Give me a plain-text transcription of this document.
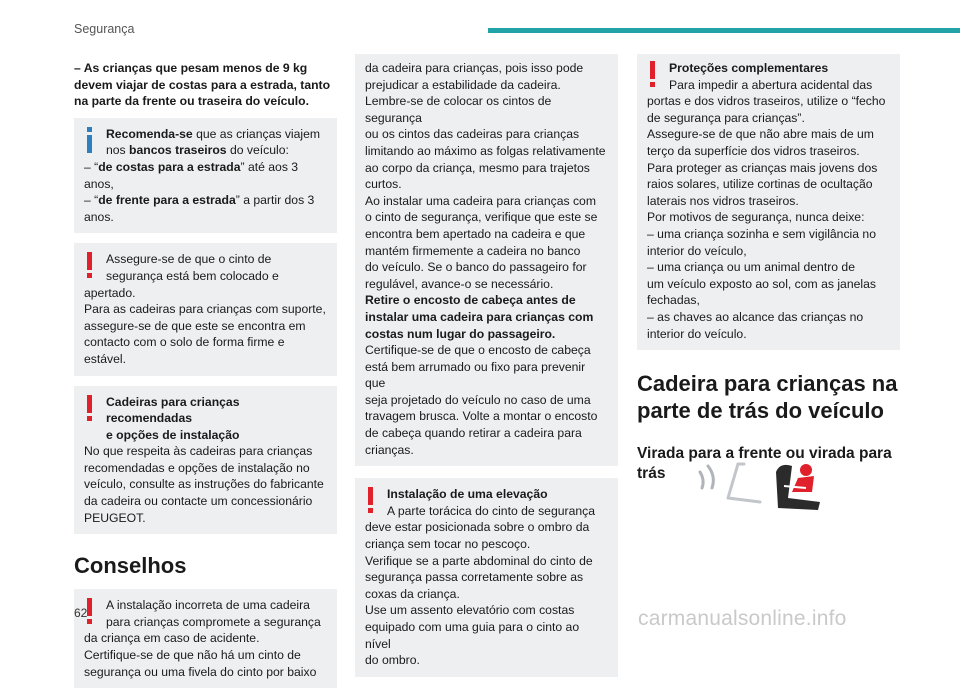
Segurança

– As crianças que pesam menos de 9 kg

devem viajar de costas para a estrada, tanto

na parte da frente ou traseira do veículo.

Recomenda-se que as crianças viajem

nos bancos traseiros do veículo:

– “de costas para a estrada” até aos 3

anos,

– “de frente para a estrada” a partir dos 3

anos.

Assegure-se de que o cinto de

segurança está bem colocado e

apertado.

Para as cadeiras para crianças com suporte,

assegure-se de que este se encontra em

contacto com o solo de forma firme e estável.

Cadeiras para crianças recomendadas

e opções de instalação

No que respeita às cadeiras para crianças

recomendadas e opções de instalação no

veículo, consulte as instruções do fabricante

da cadeira ou contacte um concessionário

PEUGEOT.

Conselhos

A instalação incorreta de uma cadeira

para crianças compromete a segurança

da criança em caso de acidente.

Certifique-se de que não há um cinto de

segurança ou uma fivela do cinto por baixo

da cadeira para crianças, pois isso pode

prejudicar a estabilidade da cadeira.

Lembre-se de colocar os cintos de segurança

ou os cintos das cadeiras para crianças

limitando ao máximo as folgas relativamente

ao corpo da criança, mesmo para trajetos

curtos.

Ao instalar uma cadeira para crianças com

o cinto de segurança, verifique que este se

encontra bem apertado na cadeira e que

mantém firmemente a cadeira no banco

do veículo. Se o banco do passageiro for

regulável, avance-o se necessário.

Retire o encosto de cabeça antes de

instalar uma cadeira para crianças com

costas num lugar do passageiro.

Certifique-se de que o encosto de cabeça

está bem arrumado ou fixo para prevenir que

seja projetado do veículo no caso de uma

travagem brusca. Volte a montar o encosto

de cabeça quando retirar a cadeira para

crianças.

Instalação de uma elevação

A parte torácica do cinto de segurança

deve estar posicionada sobre o ombro da

criança sem tocar no pescoço.

Verifique se a parte abdominal do cinto de

segurança passa corretamente sobre as

coxas da criança.

Use um assento elevatório com costas

equipado com uma guia para o cinto ao nível

do ombro.

Proteções complementares

Para impedir a abertura acidental das

portas e dos vidros traseiros, utilize o “fecho

de segurança para crianças”.

Assegure-se de que não abre mais de um

terço da superfície dos vidros traseiros.

Para proteger as crianças mais jovens dos

raios solares, utilize cortinas de ocultação

laterais nos vidros traseiros.

Por motivos de segurança, nunca deixe:

– uma criança sozinha e sem vigilância no

interior do veículo,

– uma criança ou um animal dentro de

um veículo exposto ao sol, com as janelas

fechadas,

– as chaves ao alcance das crianças no

interior do veículo.

Cadeira para crianças na
parte de trás do veículo
Virada para a frente ou virada para
trás
62	carmanualsonline.info
